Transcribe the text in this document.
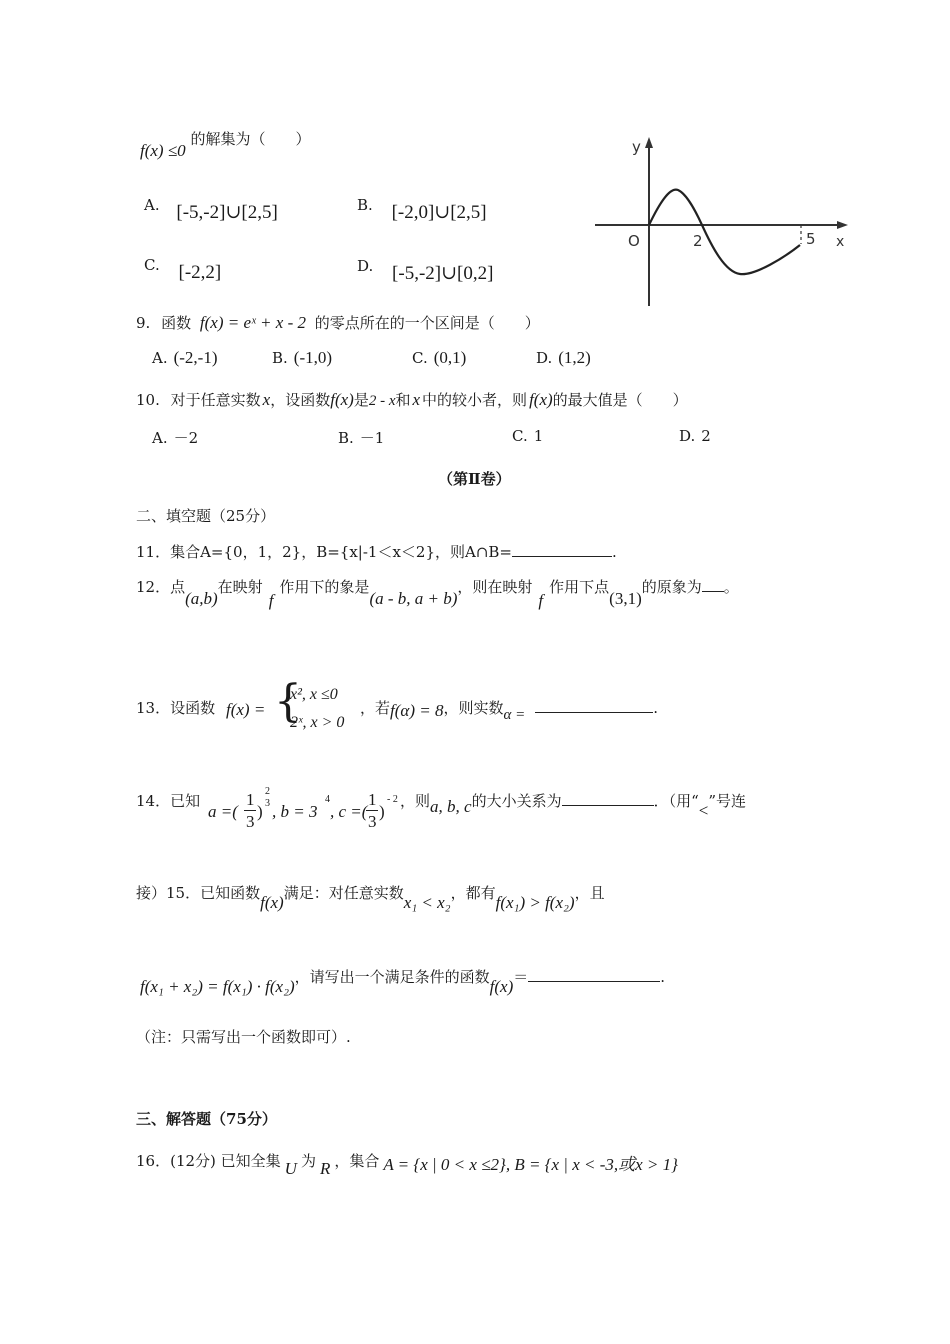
f(x) ≤0 的解集为（　　）
A. [-5,-2]∪[2,5]	B. [-2,0]∪[2,5]
C. [-2,2]	D. [-5,-2]∪[0,2]
y
x
O	2	5
9. 函数 f(x) = eˣ + x - 2 的零点所在的一个区间是（　　）
A. (-2,-1)	B. (-1,0)	C. (0,1)	D. (1,2)
10. 对于任意实数 x，设函数f(x)是2 - x和 x 中的较小者，则 f(x)的最大值是（　　）
A. －2	B. －1	C. 1	D. 2
（第Ⅱ卷）
二、填空题（25分）
11．集合A={0，1，2}，B={x|-1＜x＜2}，则A∩B=	.
12．点(a,b)在映射f作用下的象是(a - b, a + b)，则在映射f作用下点(3,1)的原象为 。
13．设函数 f(x) = {
x², x ≤0
2ˣ, x > 0
，若f(α) = 8，则实数α =	.
14．已知
a =(
1
3
)
2
3 , b = 3
4
, c =(
1
3
)
- 2 ，则a, b, c的大小关系为	．（用“<”号连
接）15．已知函数f(x)满足：对任意实数x₁ < x₂，都有f(x₁) > f(x₂)，且
f(x₁ + x₂) = f(x₁) · f(x₂)，请写出一个满足条件的函数f(x)＝	.
（注：只需写出一个函数即可）.
三、解答题（75分）
16．(12分) 已知全集 U 为 R ，集合 A = {x | 0 < x ≤2}, B = {x | x < -3,或x > 1}
